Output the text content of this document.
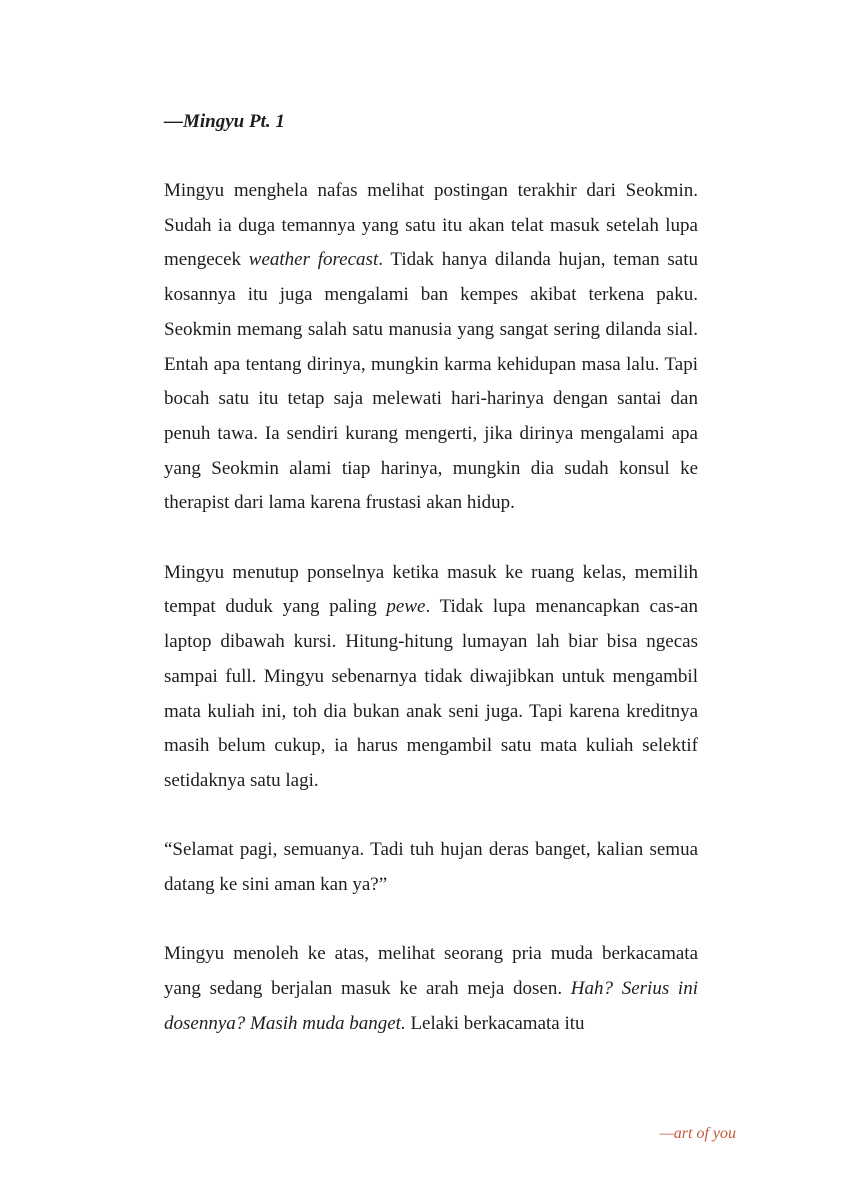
—Mingyu Pt. 1

Mingyu menghela nafas melihat postingan terakhir dari Seokmin. Sudah ia duga temannya yang satu itu akan telat masuk setelah lupa mengecek weather forecast. Tidak hanya dilanda hujan, teman satu kosannya itu juga mengalami ban kempes akibat terkena paku. Seokmin memang salah satu manusia yang sangat sering dilanda sial. Entah apa tentang dirinya, mungkin karma kehidupan masa lalu. Tapi bocah satu itu tetap saja melewati hari-harinya dengan santai dan penuh tawa. Ia sendiri kurang mengerti, jika dirinya mengalami apa yang Seokmin alami tiap harinya, mungkin dia sudah konsul ke therapist dari lama karena frustasi akan hidup.

Mingyu menutup ponselnya ketika masuk ke ruang kelas, memilih tempat duduk yang paling pewe. Tidak lupa menancapkan cas-an laptop dibawah kursi. Hitung-hitung lumayan lah biar bisa ngecas sampai full. Mingyu sebenarnya tidak diwajibkan untuk mengambil mata kuliah ini, toh dia bukan anak seni juga. Tapi karena kreditnya masih belum cukup, ia harus mengambil satu mata kuliah selektif setidaknya satu lagi.

“Selamat pagi, semuanya. Tadi tuh hujan deras banget, kalian semua datang ke sini aman kan ya?”

Mingyu menoleh ke atas, melihat seorang pria muda berkacamata yang sedang berjalan masuk ke arah meja dosen. Hah? Serius ini dosennya? Masih muda banget. Lelaki berkacamata itu

—art of you
